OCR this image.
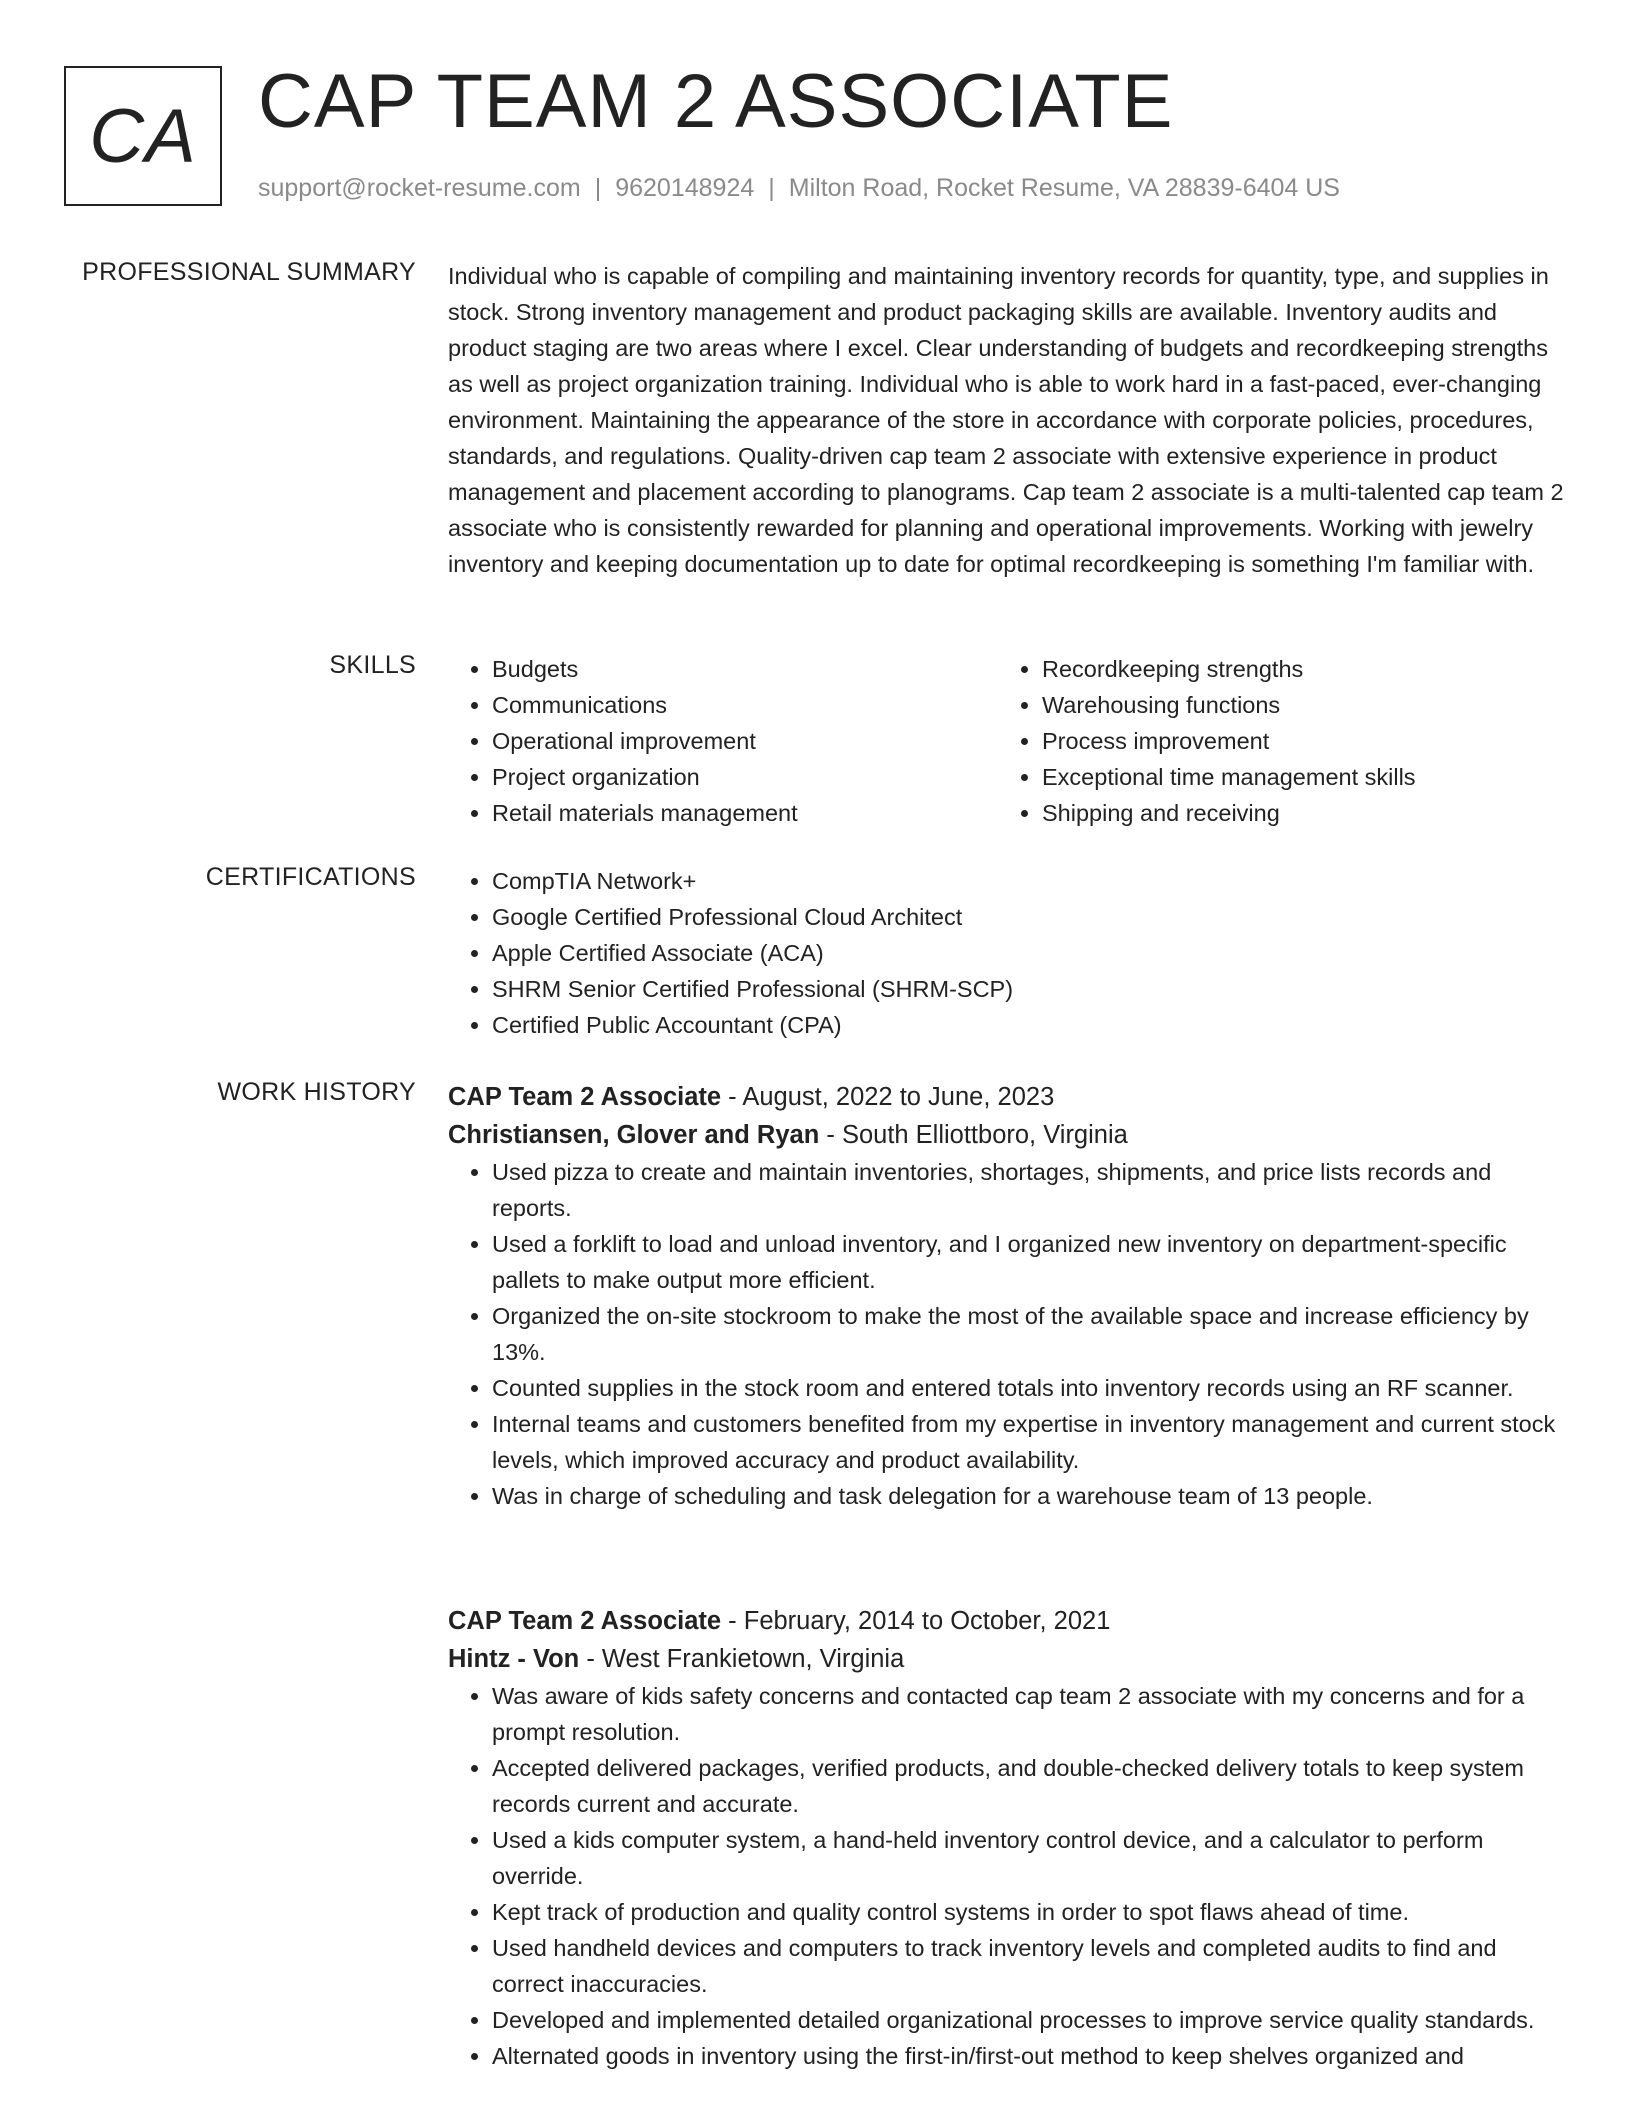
CA CAP TEAM 2 ASSOCIATE
support@rocket-resume.com | 9620148924 | Milton Road, Rocket Resume, VA 28839-6404 US
PROFESSIONAL SUMMARY Individual who is capable of compiling and maintaining inventory records for quantity, type, and supplies in stock. Strong inventory management and product packaging skills are available. Inventory audits and product staging are two areas where I excel. Clear understanding of budgets and recordkeeping strengths as well as project organization training. Individual who is able to work hard in a fast-paced, ever-changing environment. Maintaining the appearance of the store in accordance with corporate policies, procedures, standards, and regulations. Quality-driven cap team 2 associate with extensive experience in product management and placement according to planograms. Cap team 2 associate is a multi-talented cap team 2 associate who is consistently rewarded for planning and operational improvements. Working with jewelry inventory and keeping documentation up to date for optimal recordkeeping is something I'm familiar with.
SKILLS	• Budgets
• Communications
• Operational improvement
• Project organization
• Retail materials management
• Recordkeeping strengths
• Warehousing functions
• Process improvement
• Exceptional time management skills
• Shipping and receiving
CERTIFICATIONS	• CompTIA Network+
• Google Certified Professional Cloud Architect
• Apple Certified Associate (ACA)
• SHRM Senior Certified Professional (SHRM-SCP)
• Certified Public Accountant (CPA)
WORK HISTORY CAP Team 2 Associate - August, 2022 to June, 2023
Christiansen, Glover and Ryan - South Elliottboro, Virginia
• Used pizza to create and maintain inventories, shortages, shipments, and price lists records and reports.
• Used a forklift to load and unload inventory, and I organized new inventory on department-specific pallets to make output more efficient.
• Organized the on-site stockroom to make the most of the available space and increase efficiency by 13%.
• Counted supplies in the stock room and entered totals into inventory records using an RF scanner.
• Internal teams and customers benefited from my expertise in inventory management and current stock levels, which improved accuracy and product availability.
• Was in charge of scheduling and task delegation for a warehouse team of 13 people.
CAP Team 2 Associate - February, 2014 to October, 2021
Hintz - Von - West Frankietown, Virginia
• Was aware of kids safety concerns and contacted cap team 2 associate with my concerns and for a prompt resolution.
• Accepted delivered packages, verified products, and double-checked delivery totals to keep system records current and accurate.
• Used a kids computer system, a hand-held inventory control device, and a calculator to perform override.
• Kept track of production and quality control systems in order to spot flaws ahead of time.
• Used handheld devices and computers to track inventory levels and completed audits to find and correct inaccuracies.
• Developed and implemented detailed organizational processes to improve service quality standards.
• Alternated goods in inventory using the first-in/first-out method to keep shelves organized and
